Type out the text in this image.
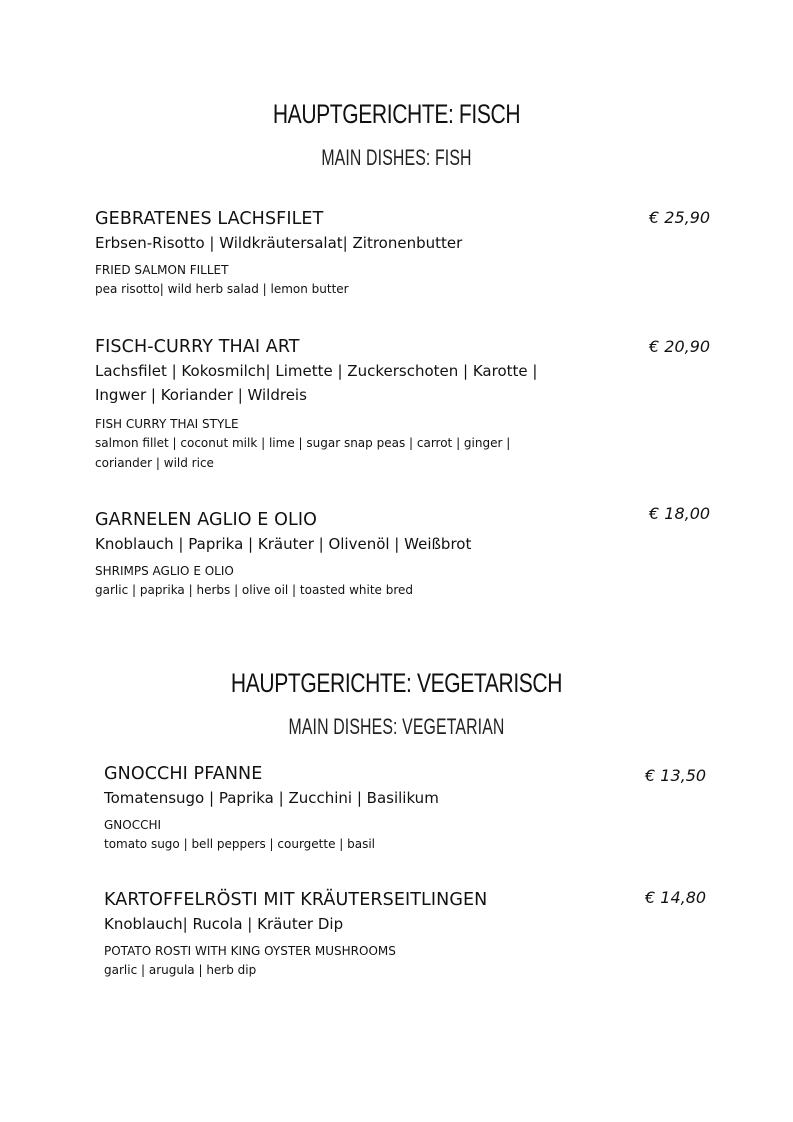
HAUPTGERICHTE: FISCH
MAIN DISHES: FISH

GEBRATENES LACHSFILET

Erbsen-Risotto | Wildkräutersalat| Zitronenbutter

FRIED SALMON FILLET

pea risotto| wild herb salad | lemon butter

€ 25,90

FISCH-CURRY THAI ART

Lachsfilet | Kokosmilch| Limette | Zuckerschoten | Karotte | Ingwer | Koriander | Wildreis

FISH CURRY THAI STYLE

salmon fillet | coconut milk | lime | sugar snap peas | carrot | ginger | coriander | wild rice

€ 20,90

GARNELEN AGLIO E OLIO

Knoblauch | Paprika | Kräuter | Olivenöl | Weißbrot

SHRIMPS AGLIO E OLIO

garlic | paprika | herbs | olive oil | toasted white bred

€ 18,00
HAUPTGERICHTE: VEGETARISCH
MAIN DISHES: VEGETARIAN

GNOCCHI PFANNE

Tomatensugo | Paprika | Zucchini | Basilikum

GNOCCHI

tomato sugo | bell peppers | courgette | basil

€ 13,50

KARTOFFELRÖSTI MIT KRÄUTERSEITLINGEN

Knoblauch| Rucola | Kräuter Dip

POTATO ROSTI WITH KING OYSTER MUSHROOMS

garlic | arugula | herb dip

€ 14,80
